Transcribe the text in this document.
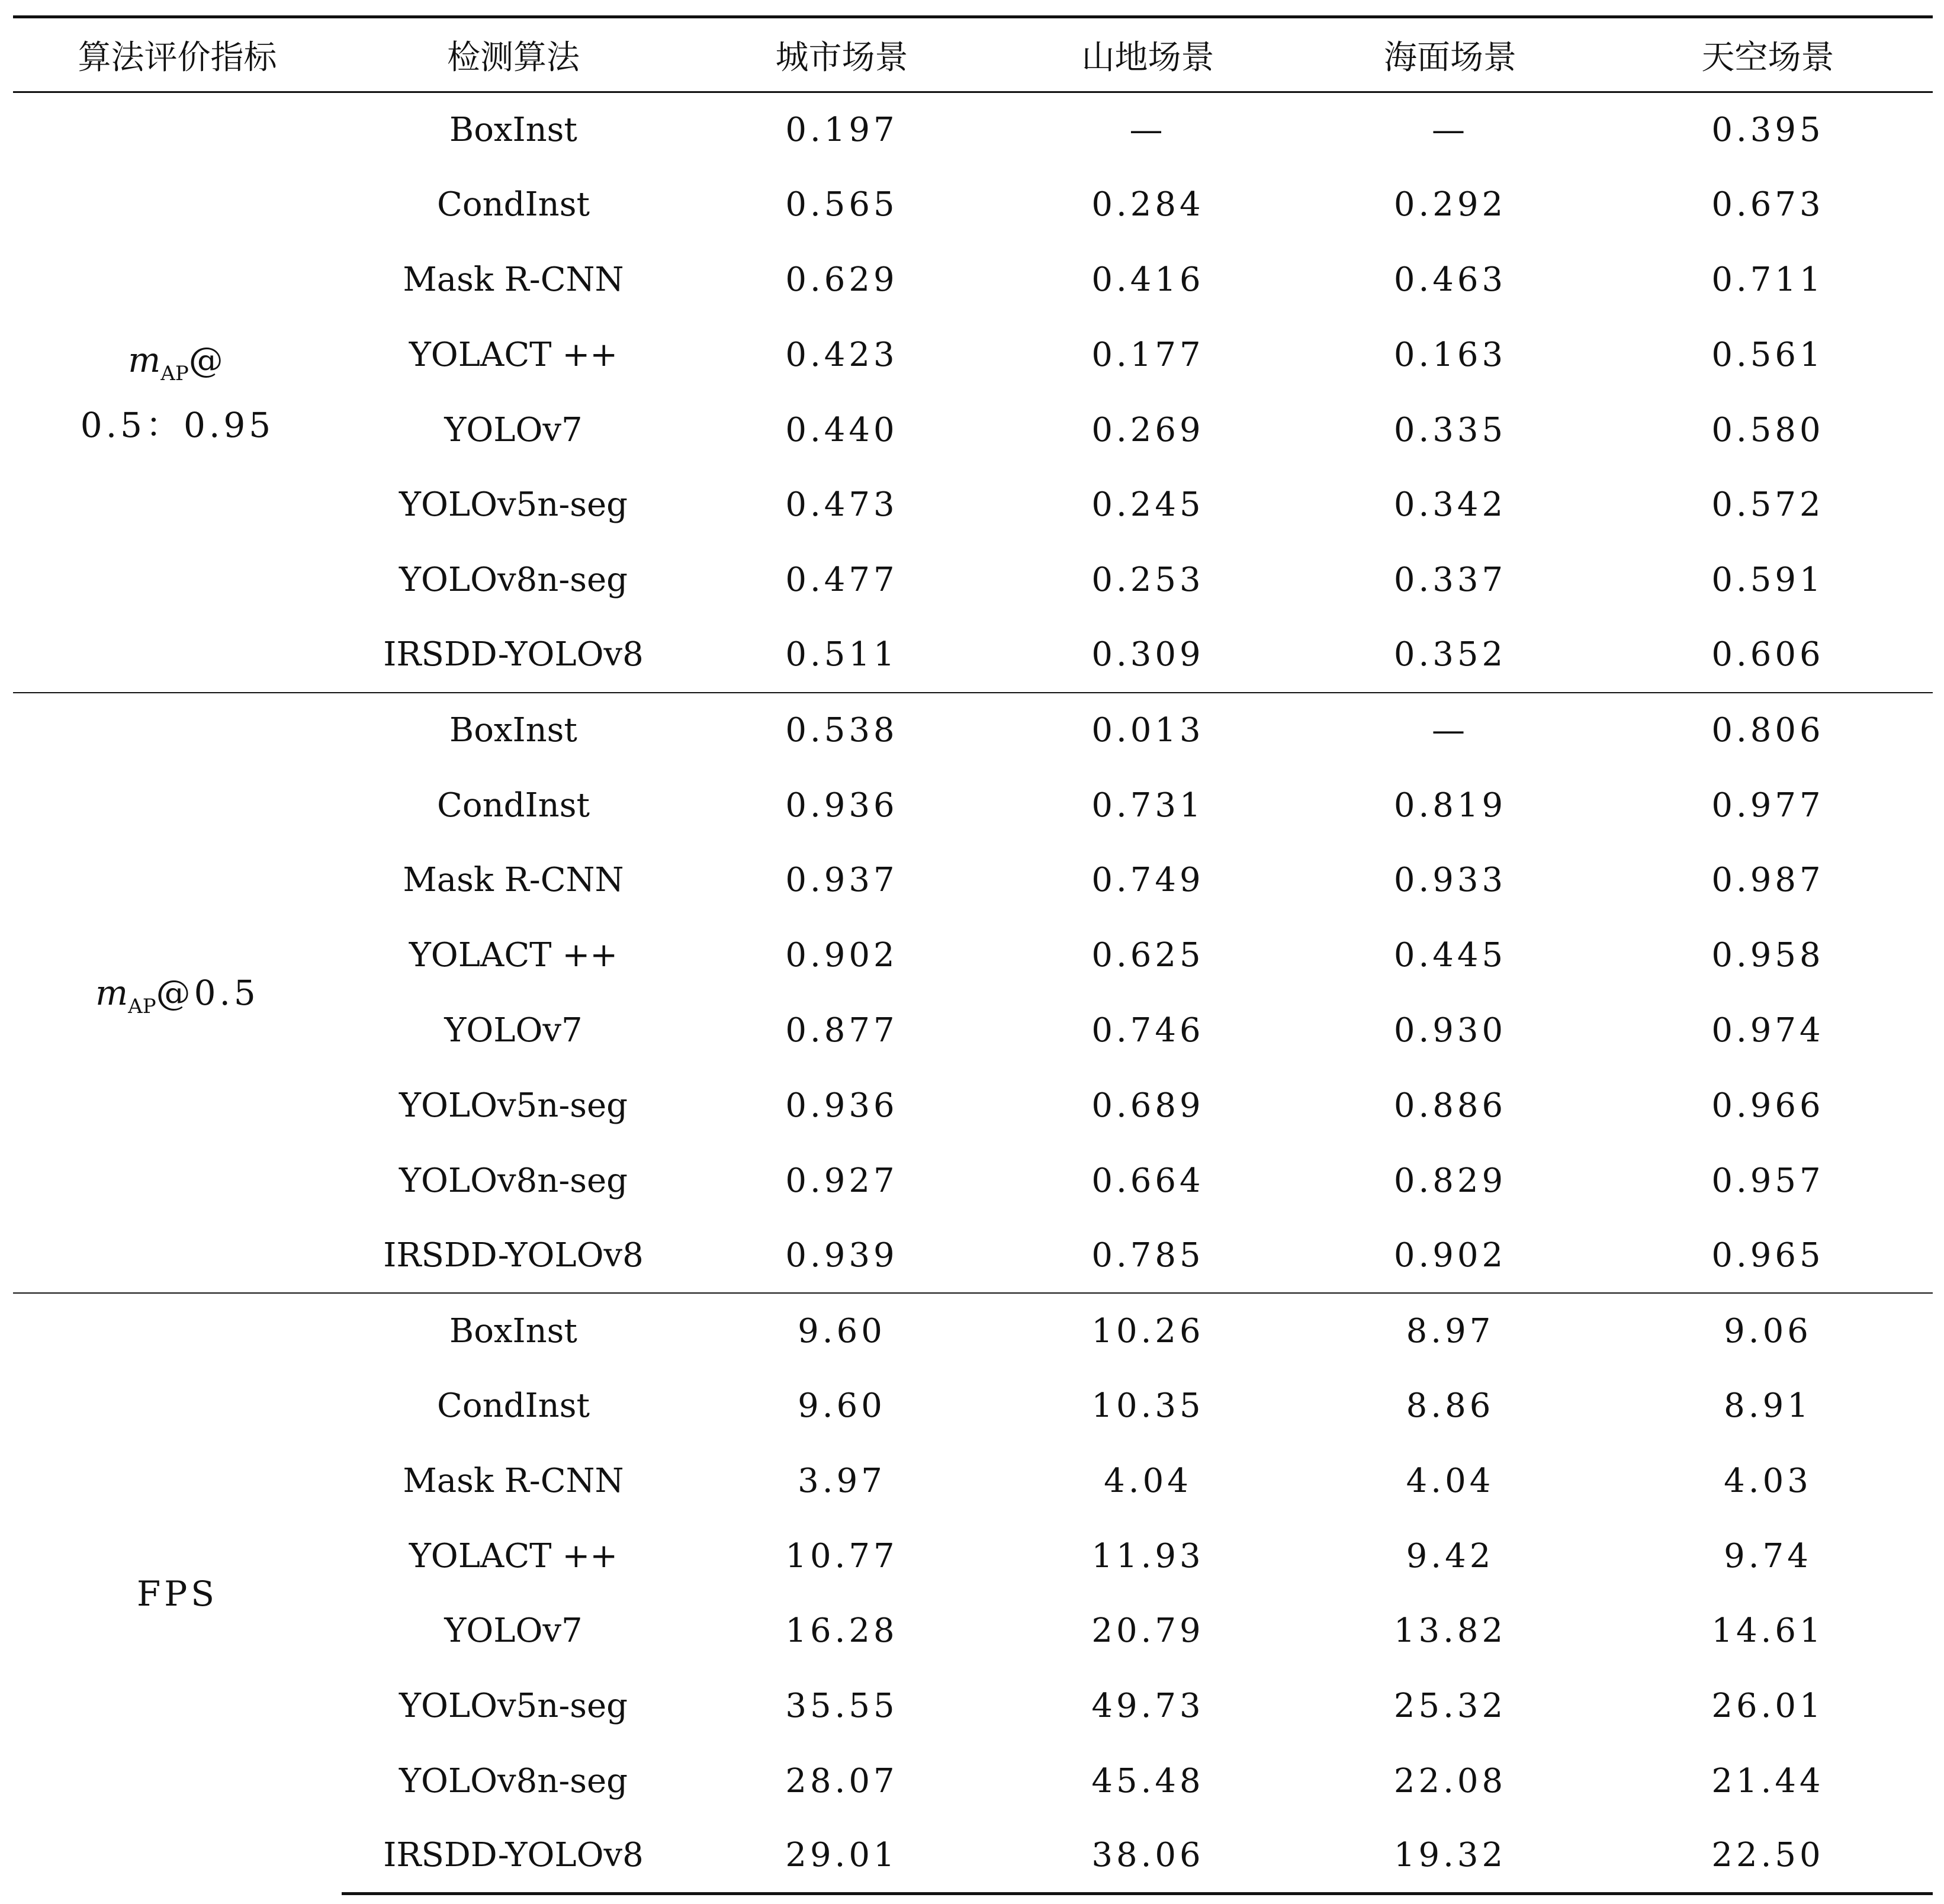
算法评价指标	检测算法	城市场景	山地场景	海面场景	天空场景

$m_{AP}@$
0.5：0.95	BoxInst	0.197	—	—	0.395
	CondInst	0.565	0.284	0.292	0.673
	Mask R-CNN	0.629	0.416	0.463	0.711
	YOLACT ++	0.423	0.177	0.163	0.561
	YOLOv7	0.440	0.269	0.335	0.580
	YOLOv5n-seg	0.473	0.245	0.342	0.572
	YOLOv8n-seg	0.477	0.253	0.337	0.591
	IRSDD-YOLOv8	0.511	0.309	0.352	0.606

$m_{AP}@0.5$	BoxInst	0.538	0.013	—	0.806
	CondInst	0.936	0.731	0.819	0.977
	Mask R-CNN	0.937	0.749	0.933	0.987
	YOLACT ++	0.902	0.625	0.445	0.958
	YOLOv7	0.877	0.746	0.930	0.974
	YOLOv5n-seg	0.936	0.689	0.886	0.966
	YOLOv8n-seg	0.927	0.664	0.829	0.957
	IRSDD-YOLOv8	0.939	0.785	0.902	0.965

FPS	BoxInst	9.60	10.26	8.97	9.06
	CondInst	9.60	10.35	8.86	8.91
	Mask R-CNN	3.97	4.04	4.04	4.03
	YOLACT ++	10.77	11.93	9.42	9.74
	YOLOv7	16.28	20.79	13.82	14.61
	YOLOv5n-seg	35.55	49.73	25.32	26.01
	YOLOv8n-seg	28.07	45.48	22.08	21.44
	IRSDD-YOLOv8	29.01	38.06	19.32	22.50
